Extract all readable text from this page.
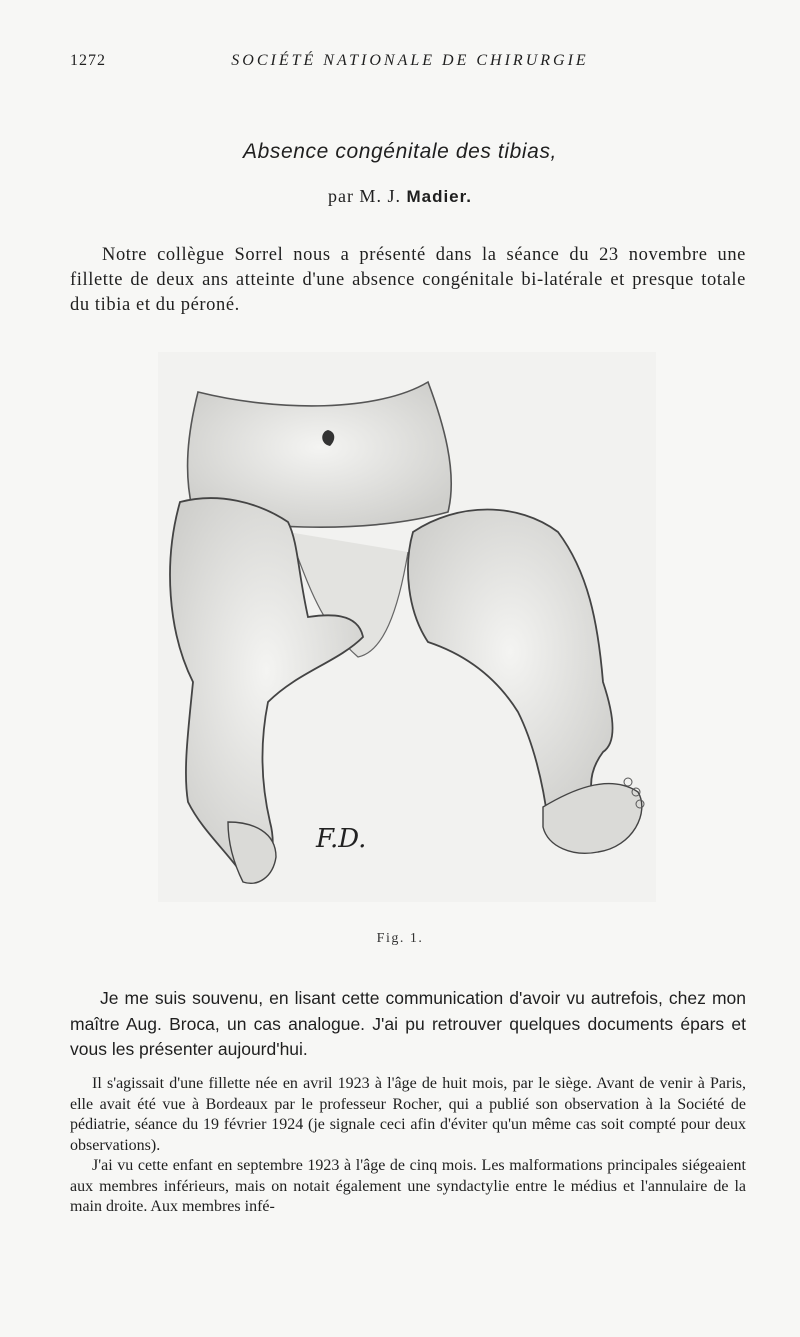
1272	SOCIÉTÉ NATIONALE DE CHIRURGIE
Absence congénitale des tibias,
par M. J. Madier.

Notre collègue Sorrel nous a présenté dans la séance du 23 novembre une fillette de deux ans atteinte d'une absence congénitale bi-latérale et presque totale du tibia et du péroné.

F.D.
Fig. 1.

Je me suis souvenu, en lisant cette communication d'avoir vu autrefois, chez mon maître Aug. Broca, un cas analogue. J'ai pu retrouver quelques documents épars et vous les présenter aujourd'hui.

Il s'agissait d'une fillette née en avril 1923 à l'âge de huit mois, par le siège. Avant de venir à Paris, elle avait été vue à Bordeaux par le professeur Rocher, qui a publié son observation à la Société de pédiatrie, séance du 19 février 1924 (je signale ceci afin d'éviter qu'un même cas soit compté pour deux observations).

J'ai vu cette enfant en septembre 1923 à l'âge de cinq mois. Les malformations principales siégeaient aux membres inférieurs, mais on notait également une syndactylie entre le médius et l'annulaire de la main droite. Aux membres infé-
